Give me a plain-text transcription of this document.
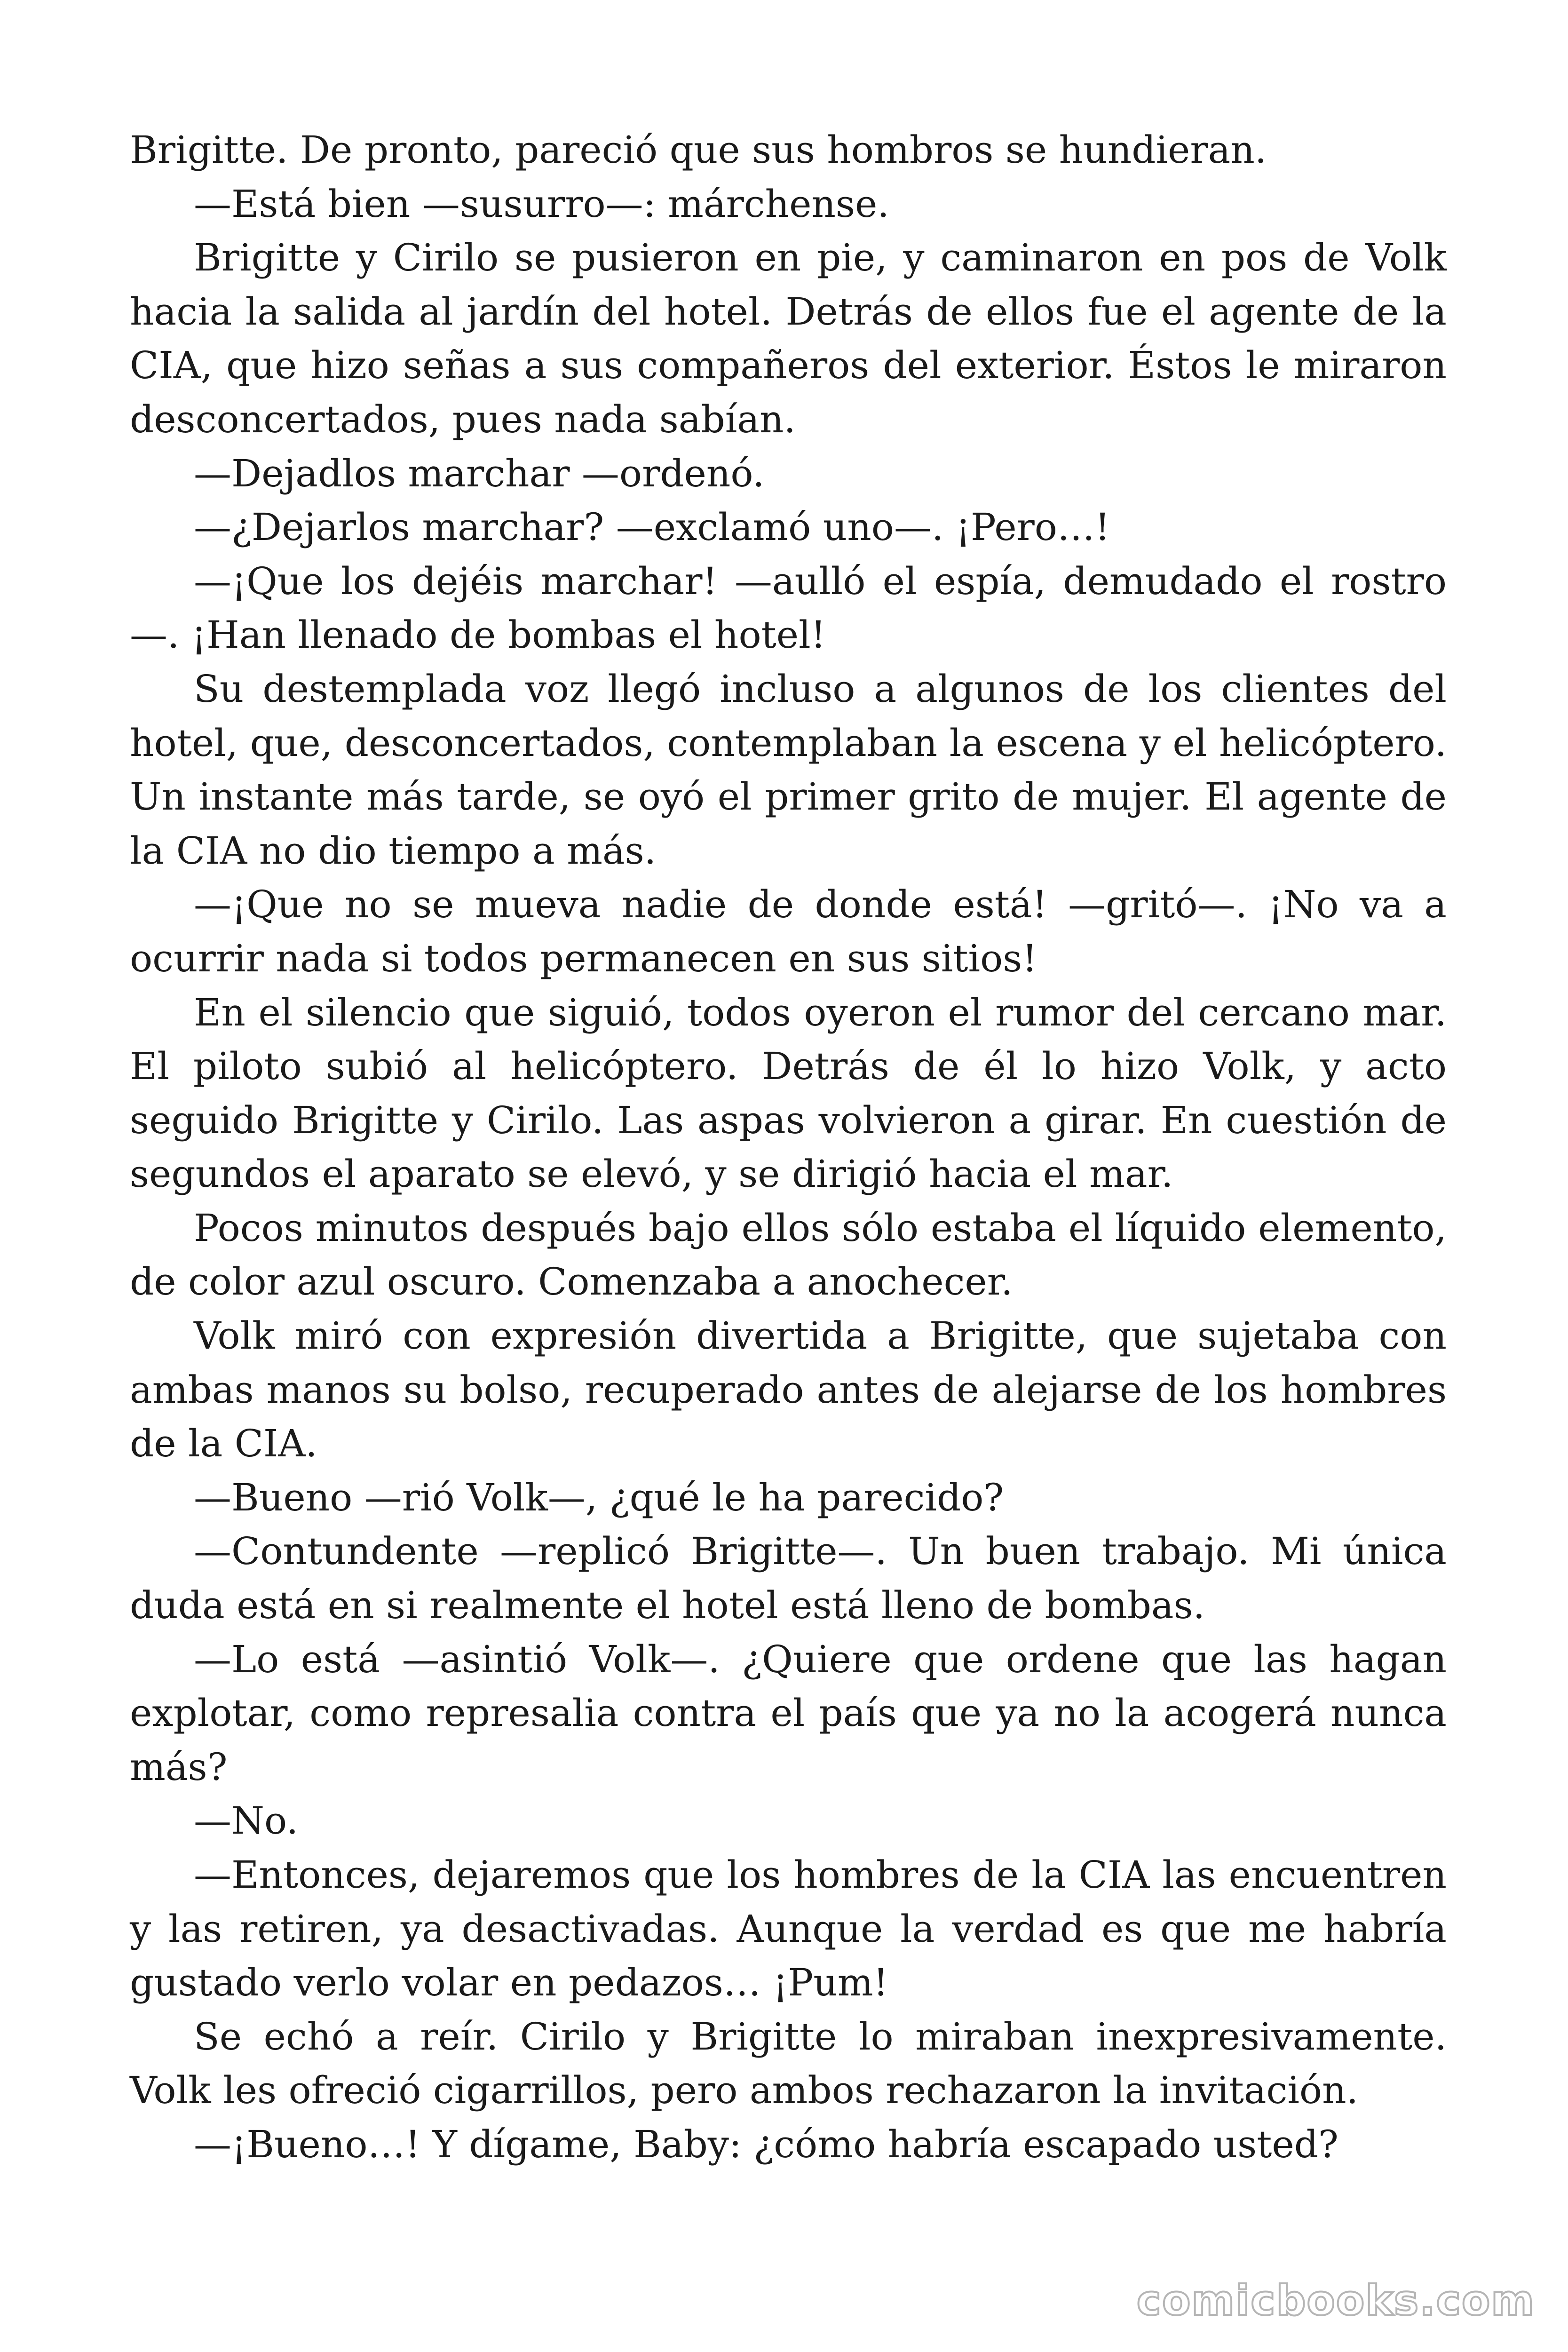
Brigitte. De pronto, pareció que sus hombros se hundieran.

—Está bien —susurro—: márchense.

Brigitte y Cirilo se pusieron en pie, y caminaron en pos de Volk hacia la salida al jardín del hotel. Detrás de ellos fue el agente de la CIA, que hizo señas a sus compañeros del exterior. Éstos le miraron desconcertados, pues nada sabían.

—Dejadlos marchar —ordenó.

—¿Dejarlos marchar? —exclamó uno—. ¡Pero…!

—¡Que los dejéis marchar! —aulló el espía, demudado el rostro —. ¡Han llenado de bombas el hotel!

Su destemplada voz llegó incluso a algunos de los clientes del hotel, que, desconcertados, contemplaban la escena y el helicóptero. Un instante más tarde, se oyó el primer grito de mujer. El agente de la CIA no dio tiempo a más.

—¡Que no se mueva nadie de donde está! —gritó—. ¡No va a ocurrir nada si todos permanecen en sus sitios!

En el silencio que siguió, todos oyeron el rumor del cercano mar. El piloto subió al helicóptero. Detrás de él lo hizo Volk, y acto seguido Brigitte y Cirilo. Las aspas volvieron a girar. En cuestión de segundos el aparato se elevó, y se dirigió hacia el mar.

Pocos minutos después bajo ellos sólo estaba el líquido elemento, de color azul oscuro. Comenzaba a anochecer.

Volk miró con expresión divertida a Brigitte, que sujetaba con ambas manos su bolso, recuperado antes de alejarse de los hombres de la CIA.

—Bueno —rió Volk—, ¿qué le ha parecido?

—Contundente —replicó Brigitte—. Un buen trabajo. Mi única duda está en si realmente el hotel está lleno de bombas.

—Lo está —asintió Volk—. ¿Quiere que ordene que las hagan explotar, como represalia contra el país que ya no la acogerá nunca más?

—No.

—Entonces, dejaremos que los hombres de la CIA las encuentren y las retiren, ya desactivadas. Aunque la verdad es que me habría gustado verlo volar en pedazos… ¡Pum!

Se echó a reír. Cirilo y Brigitte lo miraban inexpresivamente. Volk les ofreció cigarrillos, pero ambos rechazaron la invitación.

—¡Bueno…! Y dígame, Baby: ¿cómo habría escapado usted?

comicbooks.com
